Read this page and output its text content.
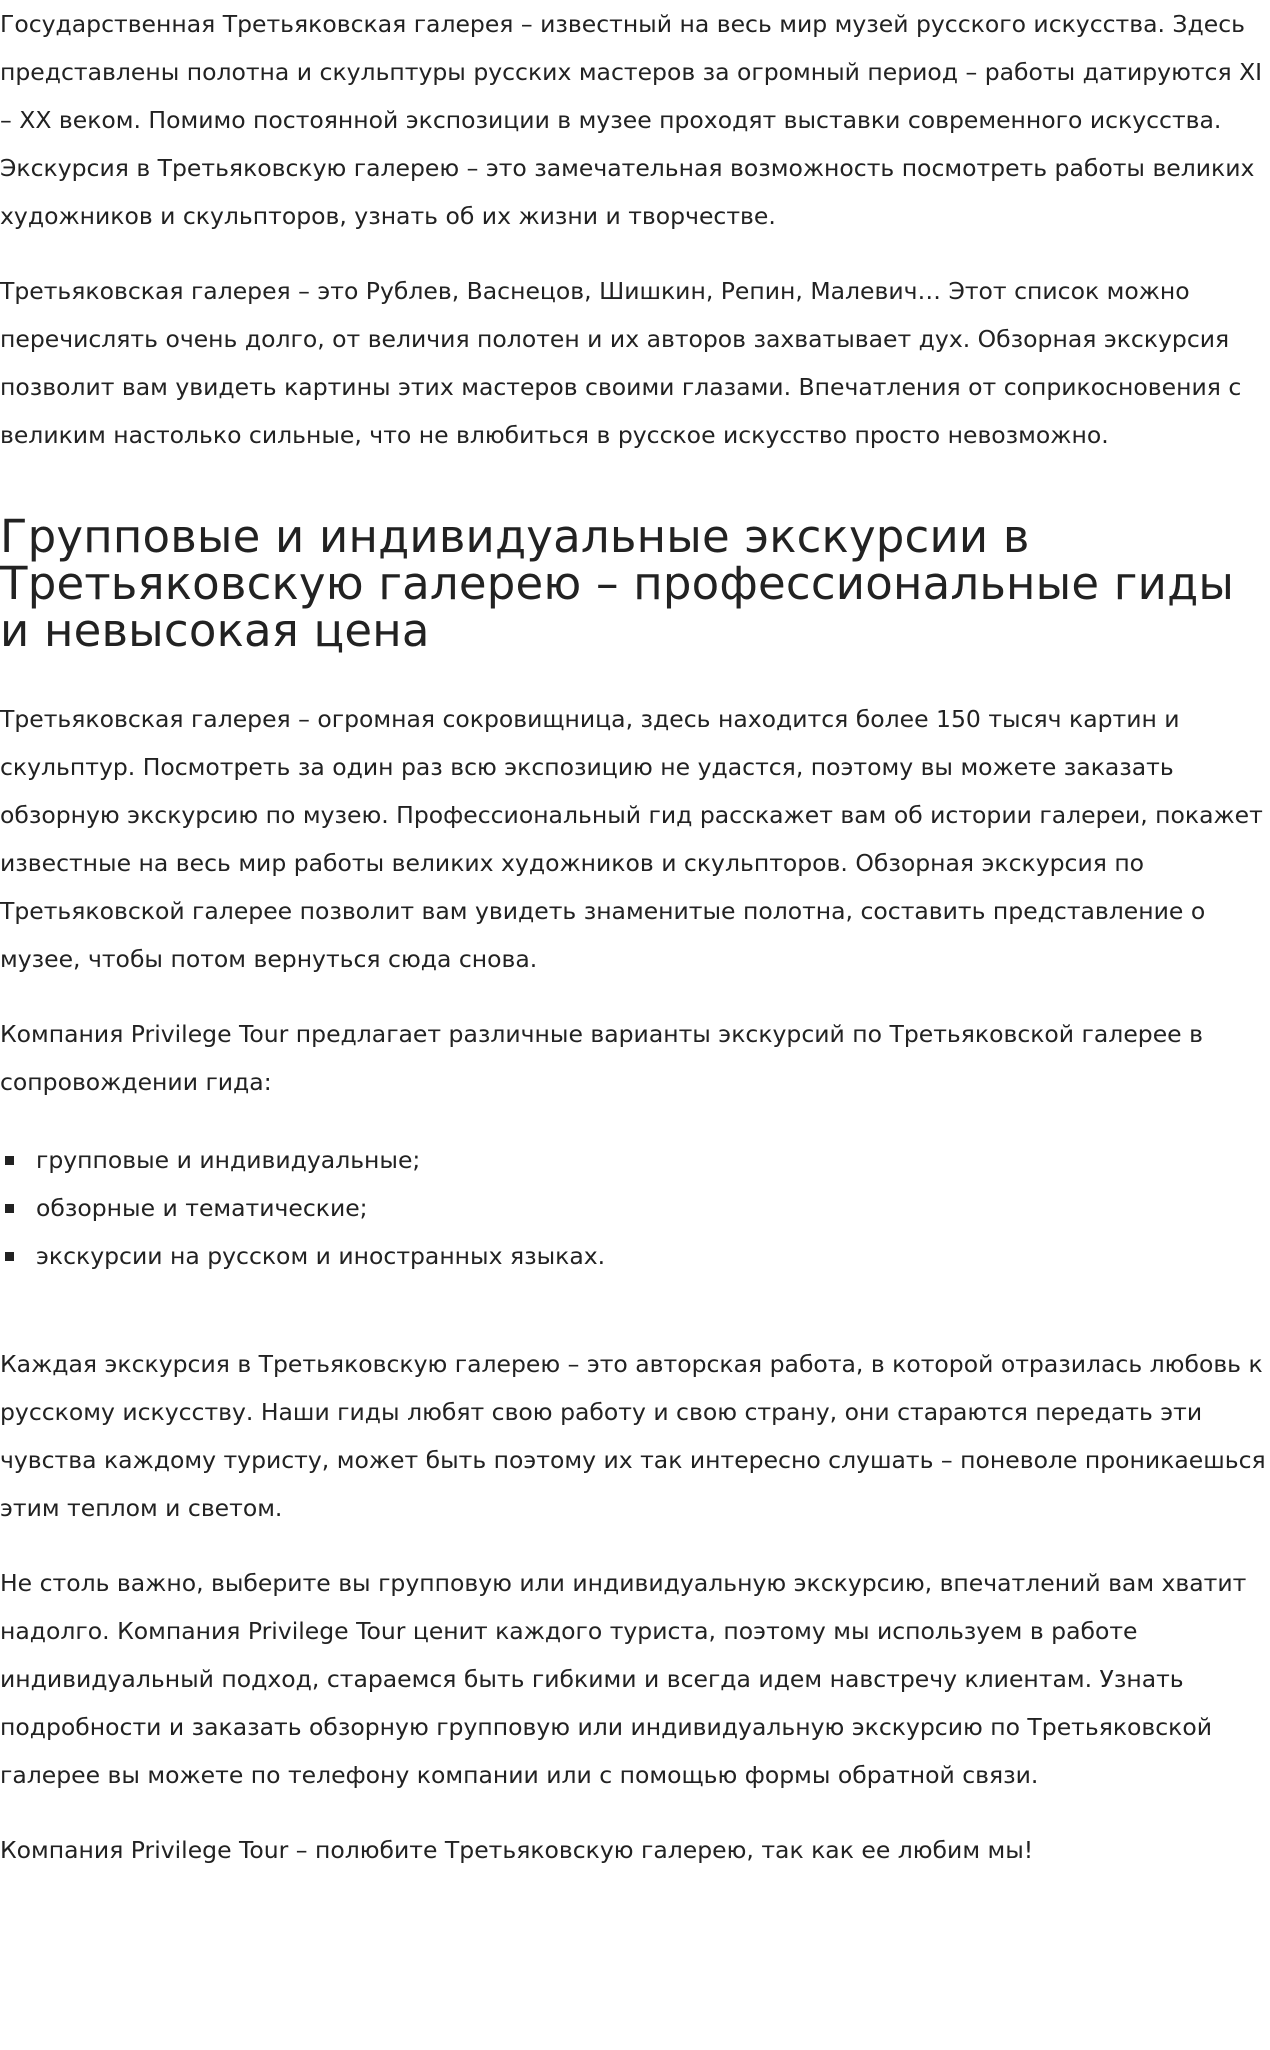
Государственная Третьяковская галерея – известный на весь мир музей русского искусства. Здесь представлены полотна и скульптуры русских мастеров за огромный период – работы датируются XI – XX веком. Помимо постоянной экспозиции в музее проходят выставки современного искусства. Экскурсия в Третьяковскую галерею – это замечательная возможность посмотреть работы великих художников и скульпторов, узнать об их жизни и творчестве.

Третьяковская галерея – это Рублев, Васнецов, Шишкин, Репин, Малевич… Этот список можно перечислять очень долго, от величия полотен и их авторов захватывает дух. Обзорная экскурсия позволит вам увидеть картины этих мастеров своими глазами. Впечатления от соприкосновения с великим настолько сильные, что не влюбиться в русское искусство просто невозможно.

Групповые и индивидуальные экскурсии в Третьяковскую галерею – профессиональные гиды и невысокая цена

Третьяковская галерея – огромная сокровищница, здесь находится более 150 тысяч картин и скульптур. Посмотреть за один раз всю экспозицию не удастся, поэтому вы можете заказать обзорную экскурсию по музею. Профессиональный гид расскажет вам об истории галереи, покажет известные на весь мир работы великих художников и скульпторов. Обзорная экскурсия по Третьяковской галерее позволит вам увидеть знаменитые полотна, составить представление о музее, чтобы потом вернуться сюда снова.

Компания Privilege Tour предлагает различные варианты экскурсий по Третьяковской галерее в сопровождении гида:

групповые и индивидуальные;
обзорные и тематические;
экскурсии на русском и иностранных языках.

Каждая экскурсия в Третьяковскую галерею – это авторская работа, в которой отразилась любовь к русскому искусству. Наши гиды любят свою работу и свою страну, они стараются передать эти чувства каждому туристу, может быть поэтому их так интересно слушать – поневоле проникаешься этим теплом и светом.

Не столь важно, выберите вы групповую или индивидуальную экскурсию, впечатлений вам хватит надолго. Компания Privilege Tour ценит каждого туриста, поэтому мы используем в работе индивидуальный подход, стараемся быть гибкими и всегда идем навстречу клиентам. Узнать подробности и заказать обзорную групповую или индивидуальную экскурсию по Третьяковской галерее вы можете по телефону компании или с помощью формы обратной связи.

Компания Privilege Tour – полюбите Третьяковскую галерею, так как ее любим мы!
